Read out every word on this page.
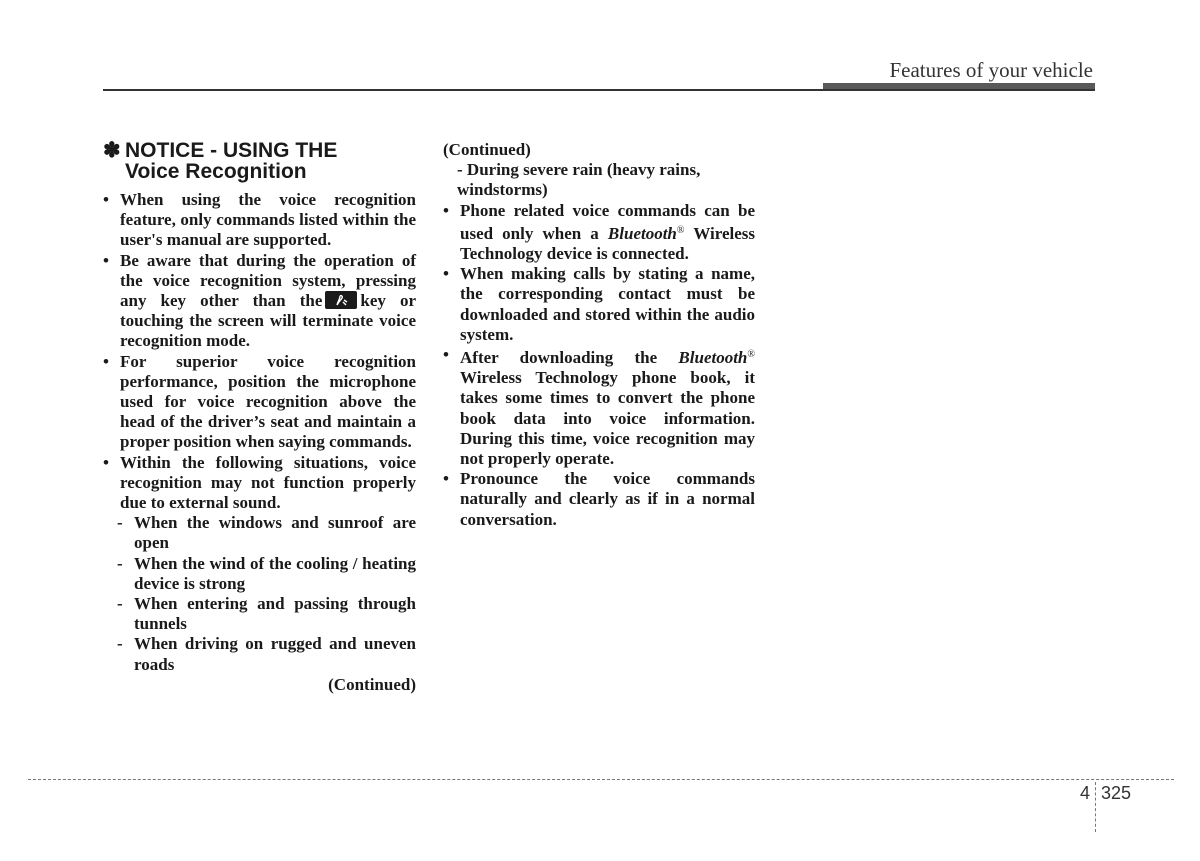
Features of your vehicle
✽ NOTICE - USING THE
Voice Recognition
• When using the voice recognition feature, only commands listed within the user's manual are supported.
• Be aware that during the operation of the voice recognition system, pressing any key other than the key or touching the screen will terminate voice recognition mode.
• For superior voice recognition performance, position the microphone used for voice recognition above the head of the driver’s seat and maintain a proper position when saying commands.
• Within the following situations, voice recognition may not function properly due to external sound.
- When the windows and sunroof are open
- When the wind of the cooling / heating device is strong
- When entering and passing through tunnels
- When driving on rugged and uneven roads
(Continued)
(Continued)
- During severe rain (heavy rains, windstorms)
• Phone related voice commands can be used only when a Bluetooth® Wireless Technology device is connected.
• When making calls by stating a name, the corresponding contact must be downloaded and stored within the audio system.
• After downloading the Bluetooth® Wireless Technology phone book, it takes some times to convert the phone book data into voice information. During this time, voice recognition may not properly operate.
• Pronounce the voice commands naturally and clearly as if in a normal conversation.
4 325
